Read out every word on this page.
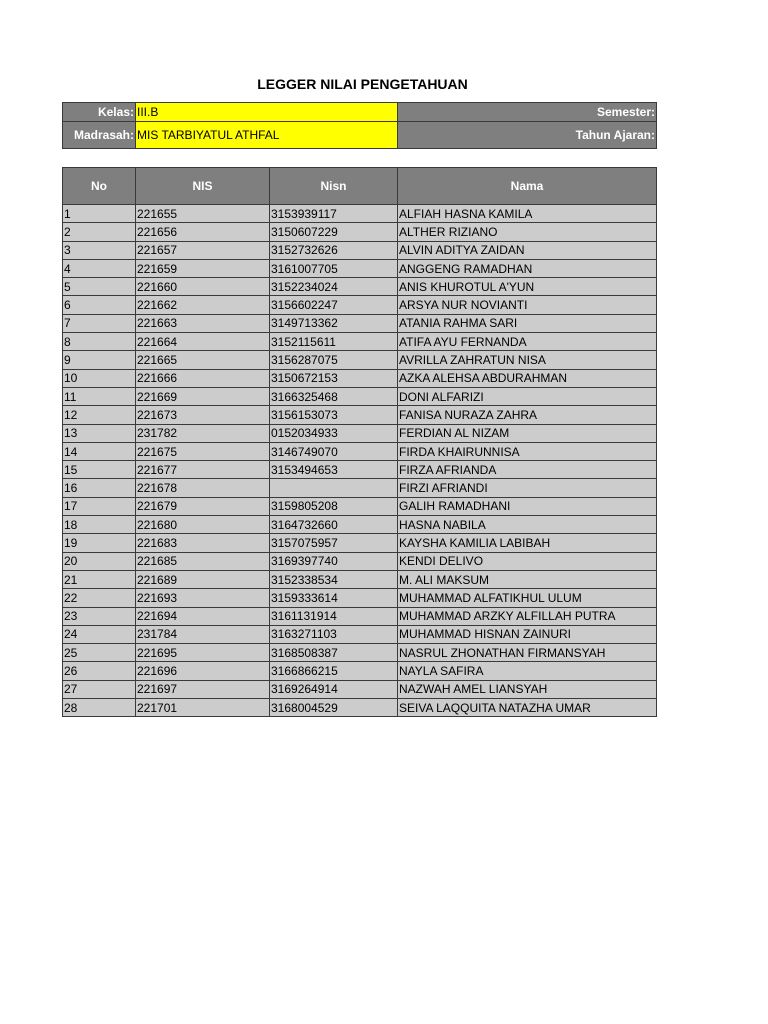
LEGGER NILAI PENGETAHUAN
Kelas:	III.B	Semester:
Madrasah:	MIS TARBIYATUL ATHFAL	Tahun Ajaran:
No	NIS	Nisn	Nama
1	221655	3153939117	ALFIAH HASNA KAMILA
2	221656	3150607229	ALTHER RIZIANO
3	221657	3152732626	ALVIN ADITYA ZAIDAN
4	221659	3161007705	ANGGENG RAMADHAN
5	221660	3152234024	ANIS KHUROTUL A'YUN
6	221662	3156602247	ARSYA NUR NOVIANTI
7	221663	3149713362	ATANIA RAHMA SARI
8	221664	3152115611	ATIFA AYU FERNANDA
9	221665	3156287075	AVRILLA ZAHRATUN NISA
10	221666	3150672153	AZKA ALEHSA ABDURAHMAN
11	221669	3166325468	DONI ALFARIZI
12	221673	3156153073	FANISA NURAZA ZAHRA
13	231782	0152034933	FERDIAN AL NIZAM
14	221675	3146749070	FIRDA KHAIRUNNISA
15	221677	3153494653	FIRZA AFRIANDA
16	221678		FIRZI AFRIANDI
17	221679	3159805208	GALIH RAMADHANI
18	221680	3164732660	HASNA NABILA
19	221683	3157075957	KAYSHA KAMILIA LABIBAH
20	221685	3169397740	KENDI DELIVO
21	221689	3152338534	M. ALI MAKSUM
22	221693	3159333614	MUHAMMAD ALFATIKHUL ULUM
23	221694	3161131914	MUHAMMAD ARZKY ALFILLAH PUTRA
24	231784	3163271103	MUHAMMAD HISNAN ZAINURI
25	221695	3168508387	NASRUL ZHONATHAN FIRMANSYAH
26	221696	3166866215	NAYLA SAFIRA
27	221697	3169264914	NAZWAH AMEL LIANSYAH
28	221701	3168004529	SEIVA LAQQUITA NATAZHA UMAR
